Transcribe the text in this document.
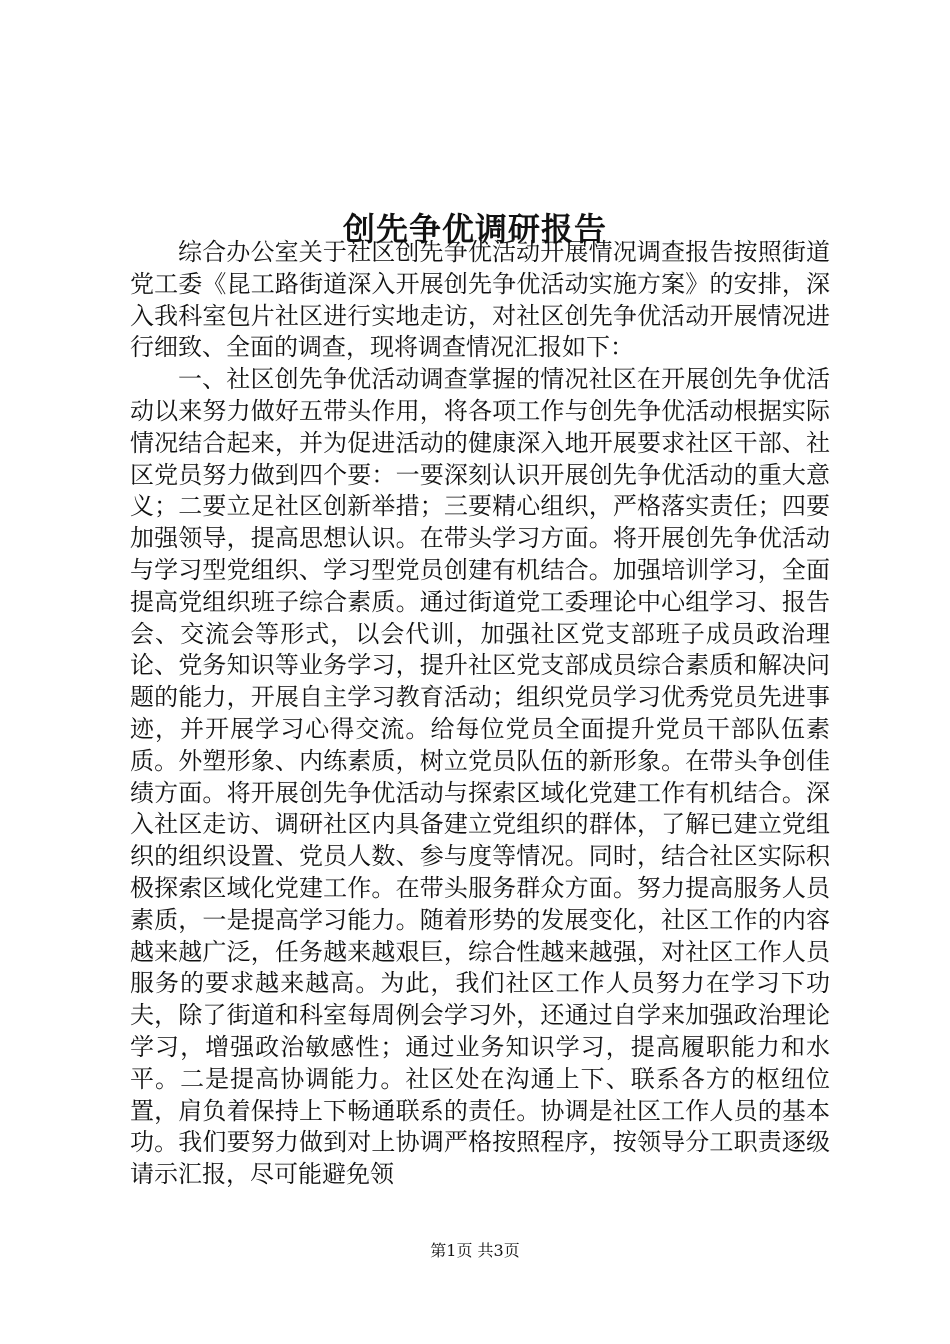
创先争优调研报告

综合办公室关于社区创先争优活动开展情况调查报告按照街道党工委《昆工路街道深入开展创先争优活动实施方案》的安排，深入我科室包片社区进行实地走访，对社区创先争优活动开展情况进行细致、全面的调查，现将调查情况汇报如下：

一、社区创先争优活动调查掌握的情况社区在开展创先争优活动以来努力做好五带头作用，将各项工作与创先争优活动根据实际情况结合起来，并为促进活动的健康深入地开展要求社区干部、社区党员努力做到四个要：一要深刻认识开展创先争优活动的重大意义；二要立足社区创新举措；三要精心组织，严格落实责任；四要加强领导，提高思想认识。在带头学习方面。将开展创先争优活动与学习型党组织、学习型党员创建有机结合。加强培训学习，全面提高党组织班子综合素质。通过街道党工委理论中心组学习、报告会、交流会等形式，以会代训，加强社区党支部班子成员政治理论、党务知识等业务学习，提升社区党支部成员综合素质和解决问题的能力，开展自主学习教育活动；组织党员学习优秀党员先进事迹，并开展学习心得交流。给每位党员全面提升党员干部队伍素质。外塑形象、内练素质，树立党员队伍的新形象。在带头争创佳绩方面。将开展创先争优活动与探索区域化党建工作有机结合。深入社区走访、调研社区内具备建立党组织的群体，了解已建立党组织的组织设置、党员人数、参与度等情况。同时，结合社区实际积极探索区域化党建工作。在带头服务群众方面。努力提高服务人员素质，一是提高学习能力。随着形势的发展变化，社区工作的内容越来越广泛，任务越来越艰巨，综合性越来越强，对社区工作人员服务的要求越来越高。为此，我们社区工作人员努力在学习下功夫，除了街道和科室每周例会学习外，还通过自学来加强政治理论学习，增强政治敏感性；通过业务知识学习，提高履职能力和水平。二是提高协调能力。社区处在沟通上下、联系各方的枢纽位置，肩负着保持上下畅通联系的责任。协调是社区工作人员的基本功。我们要努力做到对上协调严格按照程序，按领导分工职责逐级请示汇报，尽可能避免领

第1页 共3页
